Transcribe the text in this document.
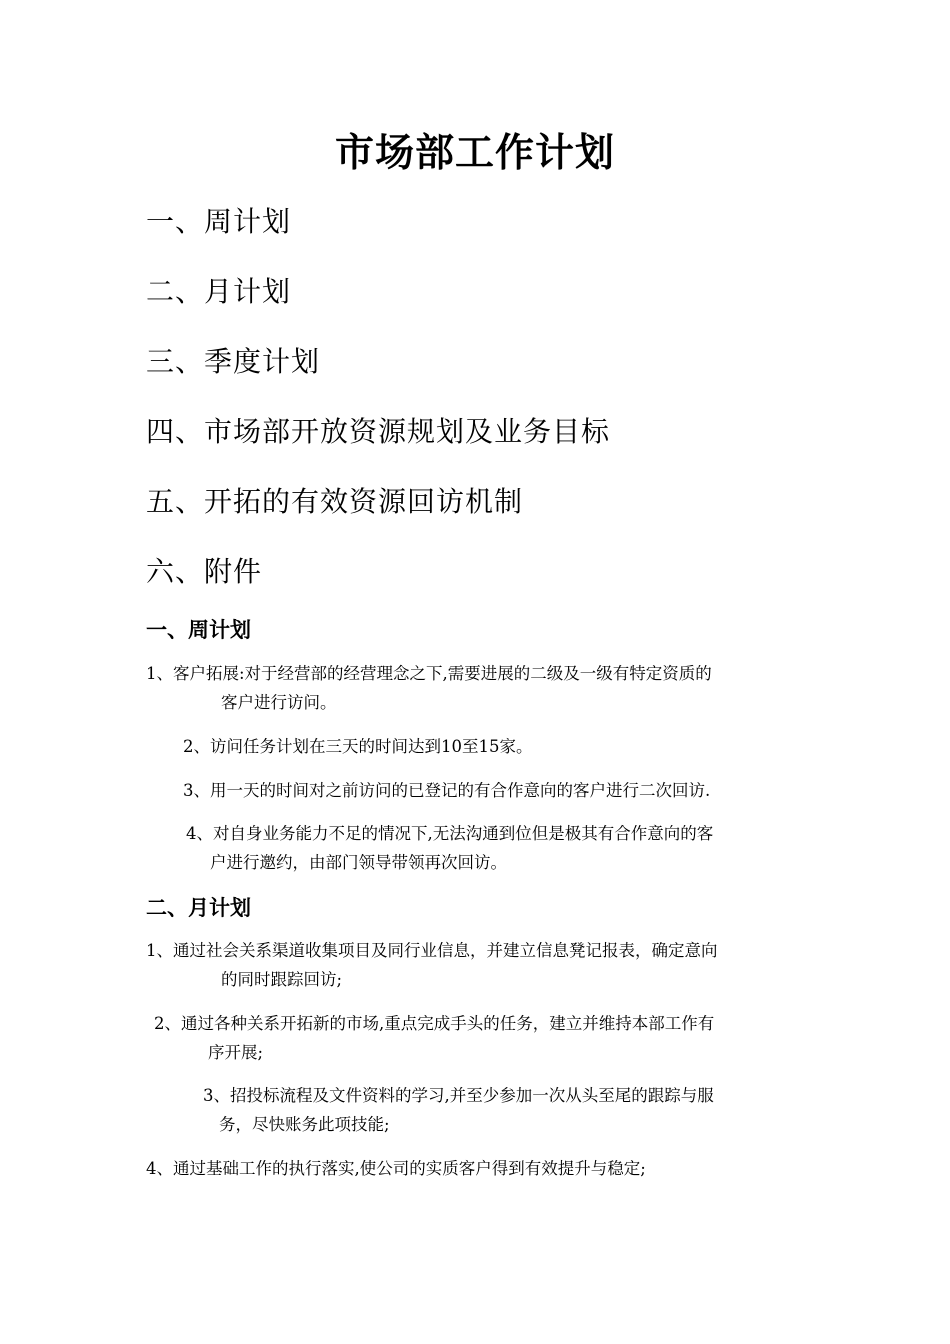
市场部工作计划
一、周计划
二、月计划
三、季度计划
四、市场部开放资源规划及业务目标
五、开拓的有效资源回访机制
六、附件
一、周计划
1、客户拓展:对于经营部的经营理念之下,需要进展的二级及一级有特定资质的
客户进行访问。
2、访问任务计划在三天的时间达到10至15家。
3、用一天的时间对之前访问的已登记的有合作意向的客户进行二次回访.
4、对自身业务能力不足的情况下,无法沟通到位但是极其有合作意向的客
户进行邀约，由部门领导带领再次回访。
二、月计划
1、通过社会关系渠道收集项目及同行业信息，并建立信息凳记报表，确定意向
的同时跟踪回访;
2、通过各种关系开拓新的市场,重点完成手头的任务，建立并维持本部工作有
序开展;
3、招投标流程及文件资料的学习,并至少参加一次从头至尾的跟踪与服
务，尽快账务此项技能;
4、通过基础工作的执行落实,使公司的实质客户得到有效提升与稳定;
